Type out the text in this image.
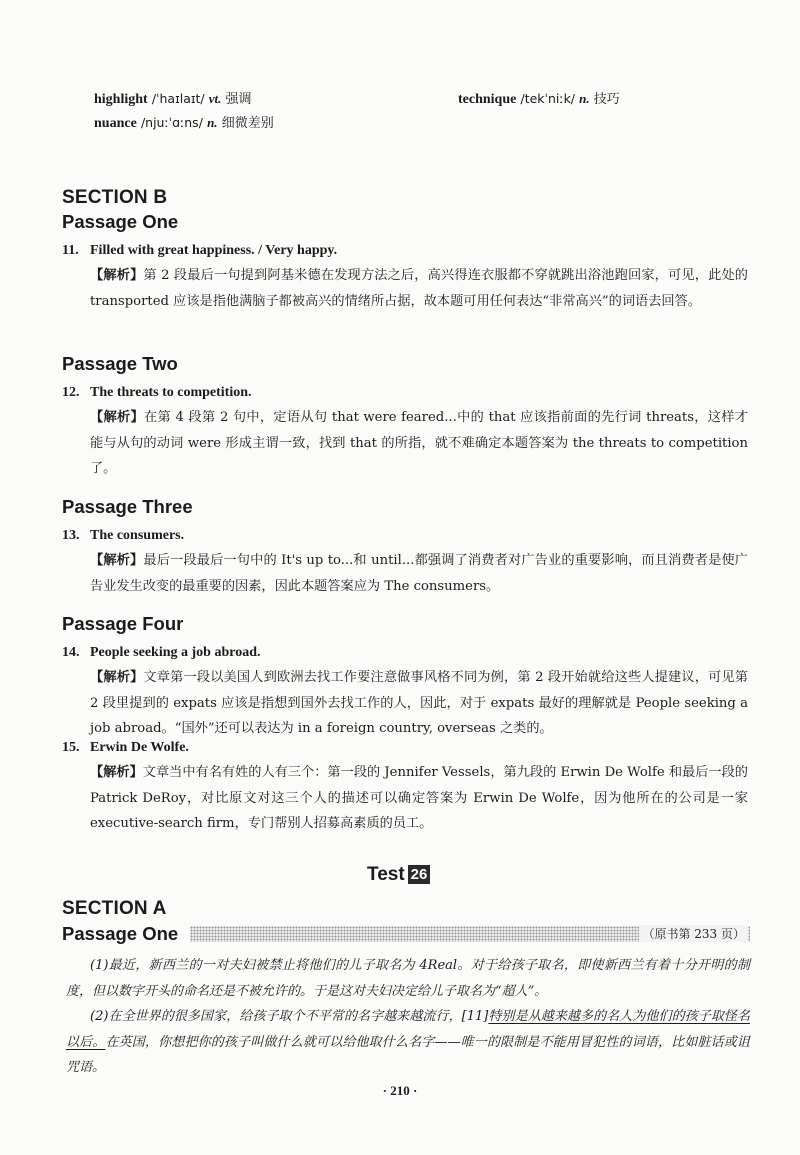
highlight /ˈhaɪlaɪt/ vt. 强调	technique /tekˈniːk/ n. 技巧
nuance /njuːˈɑːns/ n. 细微差别
SECTION B
Passage One
11. Filled with great happiness. / Very happy.
【解析】第 2 段最后一句提到阿基米德在发现方法之后，高兴得连衣服都不穿就跳出浴池跑回家，可见，此处的 transported 应该是指他满脑子都被高兴的情绪所占据，故本题可用任何表达“非常高兴”的词语去回答。
Passage Two
12. The threats to competition.
【解析】在第 4 段第 2 句中，定语从句 that were feared...中的 that 应该指前面的先行词 threats，这样才能与从句的动词 were 形成主谓一致，找到 that 的所指，就不难确定本题答案为 the threats to competition 了。
Passage Three
13. The consumers.
【解析】最后一段最后一句中的 It's up to...和 until...都强调了消费者对广告业的重要影响，而且消费者是使广告业发生改变的最重要的因素，因此本题答案应为 The consumers。
Passage Four
14. People seeking a job abroad.
【解析】文章第一段以美国人到欧洲去找工作要注意做事风格不同为例，第 2 段开始就给这些人提建议，可见第 2 段里提到的 expats 应该是指想到国外去找工作的人，因此，对于 expats 最好的理解就是 People seeking a job abroad。“国外”还可以表达为 in a foreign country, overseas 之类的。
15. Erwin De Wolfe.
【解析】文章当中有名有姓的人有三个：第一段的 Jennifer Vessels，第九段的 Erwin De Wolfe 和最后一段的 Patrick DeRoy，对比原文对这三个人的描述可以确定答案为 Erwin De Wolfe，因为他所在的公司是一家 executive-search firm，专门帮别人招募高素质的员工。
Test 26
SECTION A
Passage One	（原书第 233 页）
(1)最近，新西兰的一对夫妇被禁止将他们的儿子取名为 4Real。对于给孩子取名，即使新西兰有着十分开明的制度，但以数字开头的命名还是不被允许的。于是这对夫妇决定给儿子取名为“超人”。
(2)在全世界的很多国家，给孩子取个不平常的名字越来越流行，[11]特别是从越来越多的名人为他们的孩子取怪名以后。在英国，你想把你的孩子叫做什么就可以给他取什么名字——唯一的限制是不能用冒犯性的词语，比如脏话或诅咒语。
· 210 ·
